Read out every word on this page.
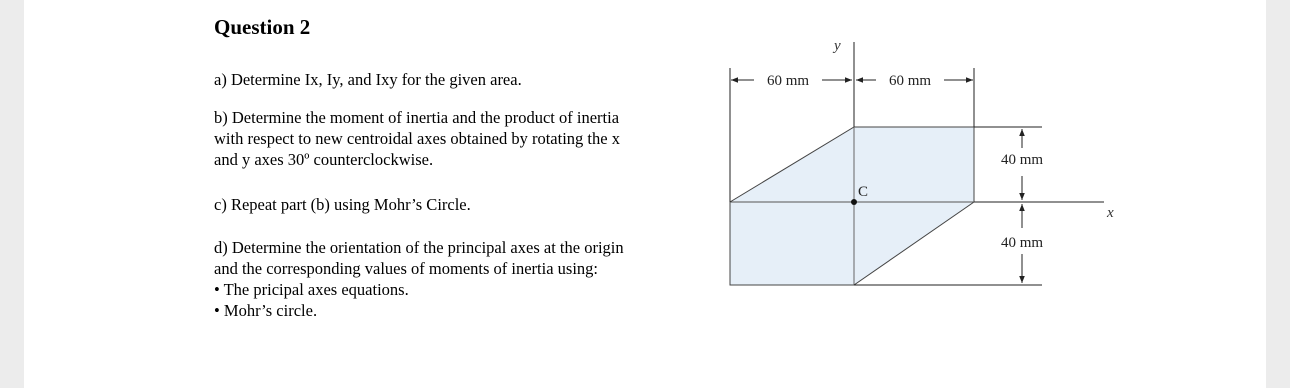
Question 2
a) Determine Ix, Iy, and Ixy for the given area.
b) Determine the moment of inertia and the product of inertia
with respect to new centroidal axes obtained by rotating the x
and y axes 30º counterclockwise.
c) Repeat part (b) using Mohr’s Circle.
d) Determine the orientation of the principal axes at the origin
and the corresponding values of moments of inertia using:
• The pricipal axes equations.
• Mohr’s circle.
y
x
C
60 mm	60 mm
40 mm
40 mm
